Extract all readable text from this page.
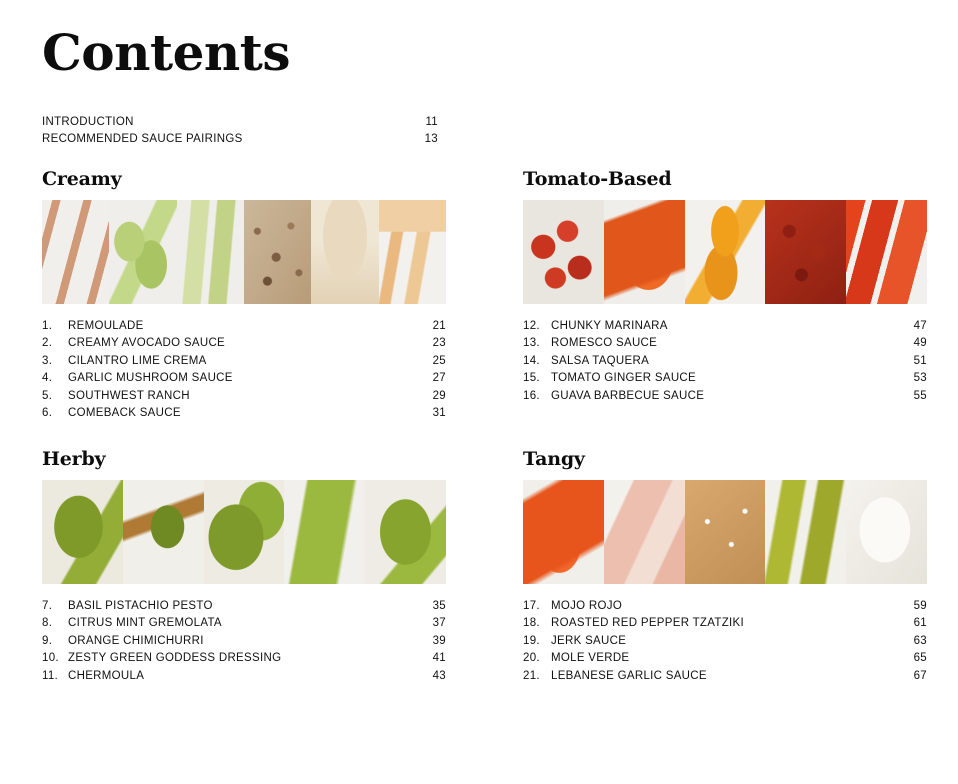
Contents
INTRODUCTION	11
RECOMMENDED SAUCE PAIRINGS	13
Creamy
1.	REMOULADE	21
2.	CREAMY AVOCADO SAUCE	23
3.	CILANTRO LIME CREMA	25
4.	GARLIC MUSHROOM SAUCE	27
5.	SOUTHWEST RANCH	29
6.	COMEBACK SAUCE	31
Tomato-Based
12. CHUNKY MARINARA	47
13. ROMESCO SAUCE	49
14. SALSA TAQUERA	51
15. TOMATO GINGER SAUCE	53
16. GUAVA BARBECUE SAUCE	55
Herby
7.	BASIL PISTACHIO PESTO	35
8.	CITRUS MINT GREMOLATA	37
9.	ORANGE CHIMICHURRI	39
10. ZESTY GREEN GODDESS DRESSING	41
11. CHERMOULA	43
Tangy
17. MOJO ROJO	59
18. ROASTED RED PEPPER TZATZIKI	61
19. JERK SAUCE	63
20. MOLE VERDE	65
21. LEBANESE GARLIC SAUCE	67
